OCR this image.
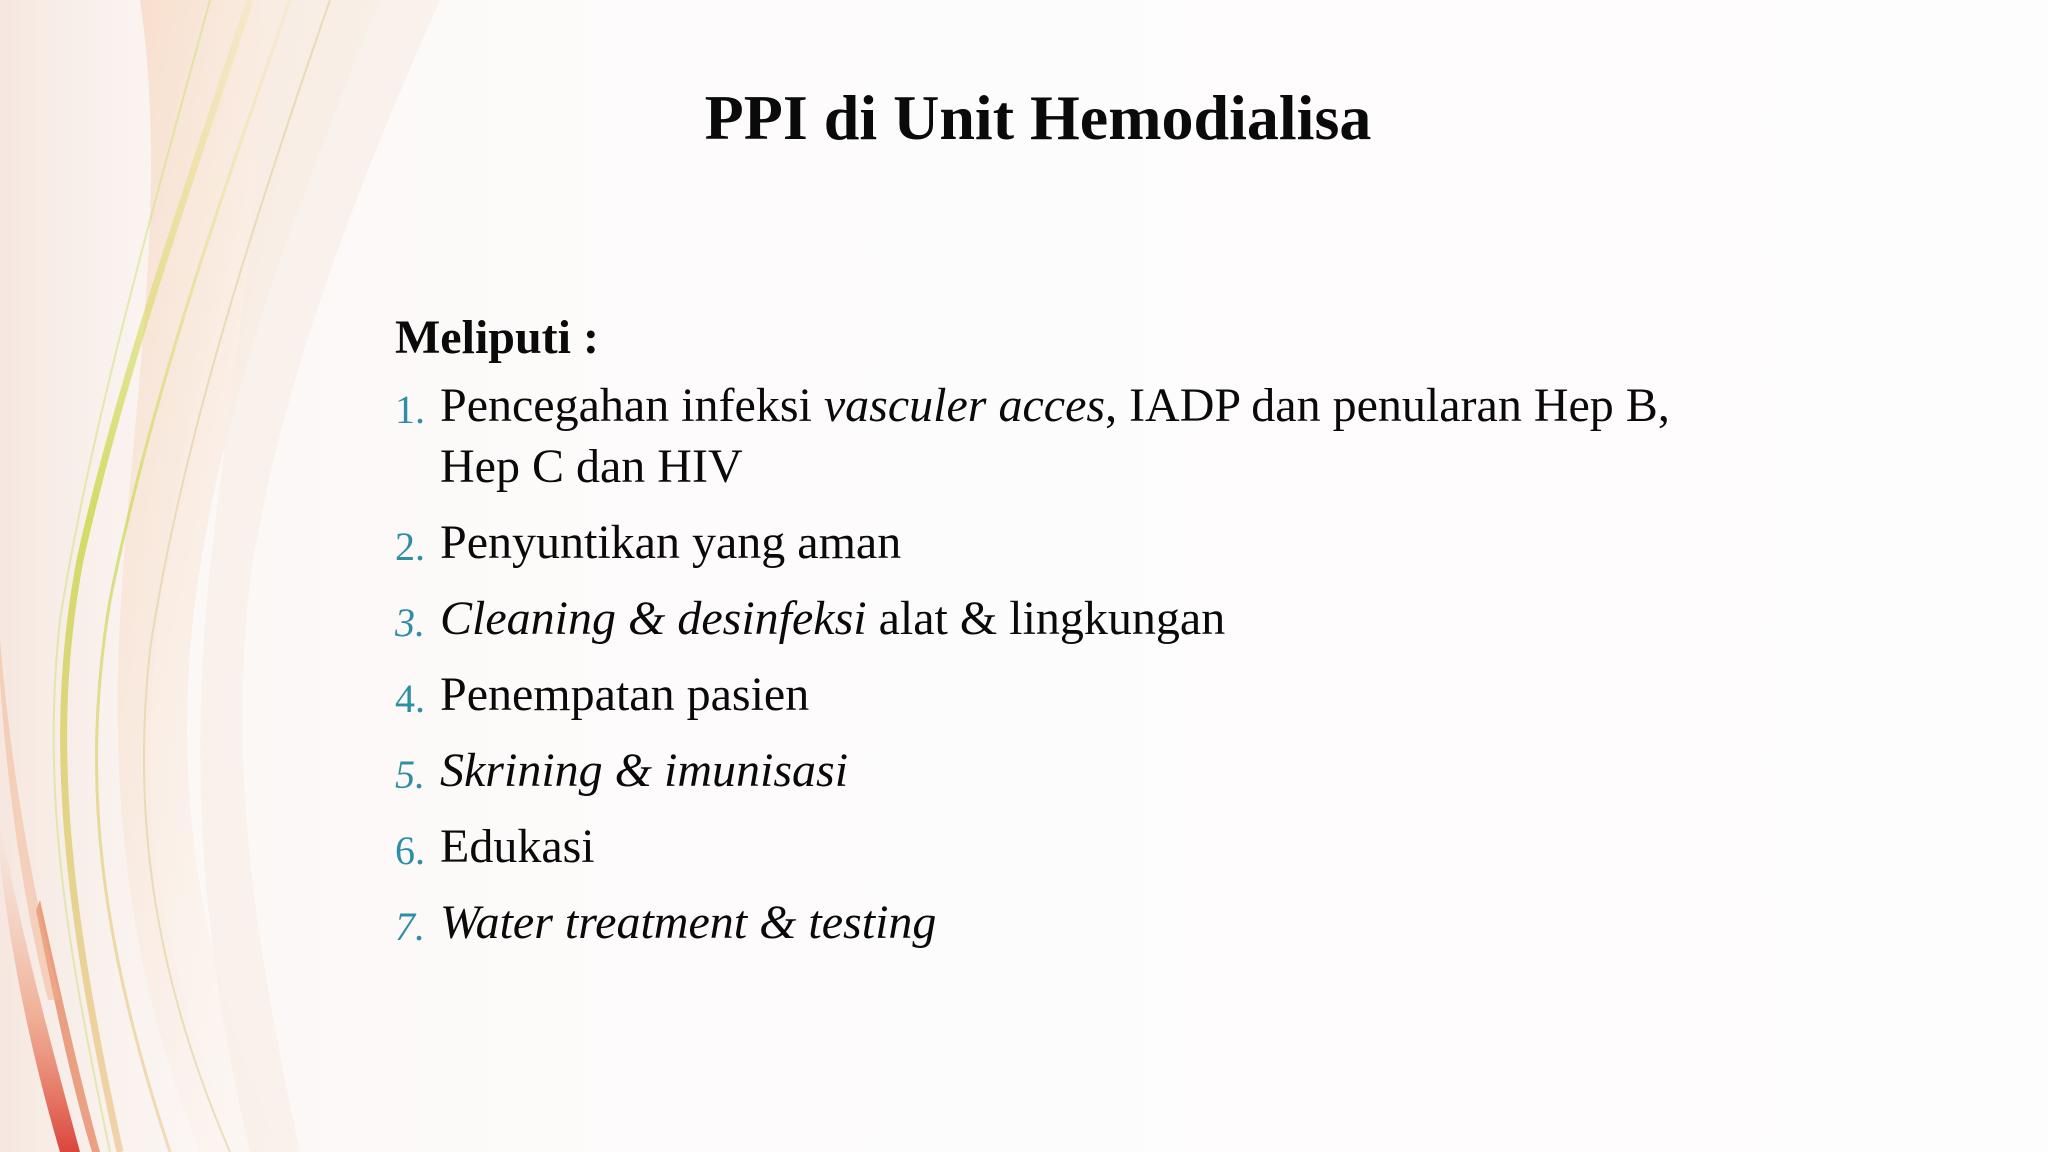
PPI di Unit Hemodialisa
Meliputi :
1. Pencegahan infeksi vasculer acces, IADP dan penularan Hep B, Hep C dan HIV
2. Penyuntikan yang aman
3. Cleaning & desinfeksi alat & lingkungan
4. Penempatan pasien
5. Skrining & imunisasi
6. Edukasi
7. Water treatment & testing
